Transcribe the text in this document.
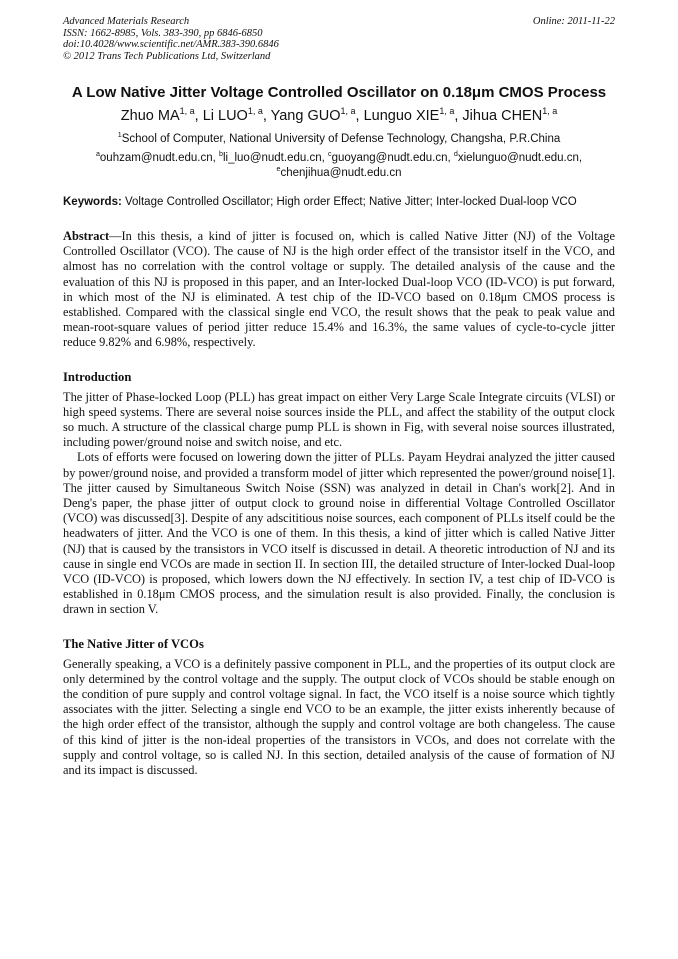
Advanced Materials Research
ISSN: 1662-8985, Vols. 383-390, pp 6846-6850
doi:10.4028/www.scientific.net/AMR.383-390.6846
© 2012 Trans Tech Publications Ltd, Switzerland
Online: 2011-11-22
A Low Native Jitter Voltage Controlled Oscillator on 0.18μm CMOS Process
Zhuo MA$^{1, a}$, Li LUO$^{1, a}$, Yang GUO$^{1, a}$, Lunguo XIE$^{1, a}$, Jihua CHEN$^{1, a}$
$^1$School of Computer, National University of Defense Technology, Changsha, P.R.China
$^a$ouhzam@nudt.edu.cn, $^b$li_luo@nudt.edu.cn, $^c$guoyang@nudt.edu.cn, $^d$xielunguo@nudt.edu.cn,
$^e$chenjihua@nudt.edu.cn
Keywords: Voltage Controlled Oscillator; High order Effect; Native Jitter; Inter-locked Dual-loop VCO
Abstract—In this thesis, a kind of jitter is focused on, which is called Native Jitter (NJ) of the Voltage Controlled Oscillator (VCO). The cause of NJ is the high order effect of the transistor itself in the VCO, and almost has no correlation with the control voltage or supply. The detailed analysis of the cause and the evaluation of this NJ is proposed in this paper, and an Inter-locked Dual-loop VCO (ID-VCO) is put forward, in which most of the NJ is eliminated. A test chip of the ID-VCO based on 0.18μm CMOS process is established. Compared with the classical single end VCO, the result shows that the peak to peak value and mean-root-square values of period jitter reduce 15.4% and 16.3%, the same values of cycle-to-cycle jitter reduce 9.82% and 6.98%, respectively.
Introduction

The jitter of Phase-locked Loop (PLL) has great impact on either Very Large Scale Integrate circuits (VLSI) or high speed systems. There are several noise sources inside the PLL, and affect the stability of the output clock so much. A structure of the classical charge pump PLL is shown in Fig, with several noise sources illustrated, including power/ground noise and switch noise, and etc.

Lots of efforts were focused on lowering down the jitter of PLLs. Payam Heydrai analyzed the jitter caused by power/ground noise, and provided a transform model of jitter which represented the power/ground noise[1]. The jitter caused by Simultaneous Switch Noise (SSN) was analyzed in detail in Chan's work[2]. And in Deng's paper, the phase jitter of output clock to ground noise in differential Voltage Controlled Oscillator (VCO) was discussed[3]. Despite of any adscititious noise sources, each component of PLLs itself could be the headwaters of jitter. And the VCO is one of them. In this thesis, a kind of jitter which is called Native Jitter (NJ) that is caused by the transistors in VCO itself is discussed in detail. A theoretic introduction of NJ and its cause in single end VCOs are made in section II. In section III, the detailed structure of Inter-locked Dual-loop VCO (ID-VCO) is proposed, which lowers down the NJ effectively. In section IV, a test chip of ID-VCO is established in 0.18μm CMOS process, and the simulation result is also provided. Finally, the conclusion is drawn in section V.

The Native Jitter of VCOs

Generally speaking, a VCO is a definitely passive component in PLL, and the properties of its output clock are only determined by the control voltage and the supply. The output clock of VCOs should be stable enough on the condition of pure supply and control voltage signal. In fact, the VCO itself is a noise source which tightly associates with the jitter. Selecting a single end VCO to be an example, the jitter exists inherently because of the high order effect of the transistor, although the supply and control voltage are both changeless. The cause of this kind of jitter is the non-ideal properties of the transistors in VCOs, and does not correlate with the supply and control voltage, so is called NJ. In this section, detailed analysis of the cause of formation of NJ and its impact is discussed.
